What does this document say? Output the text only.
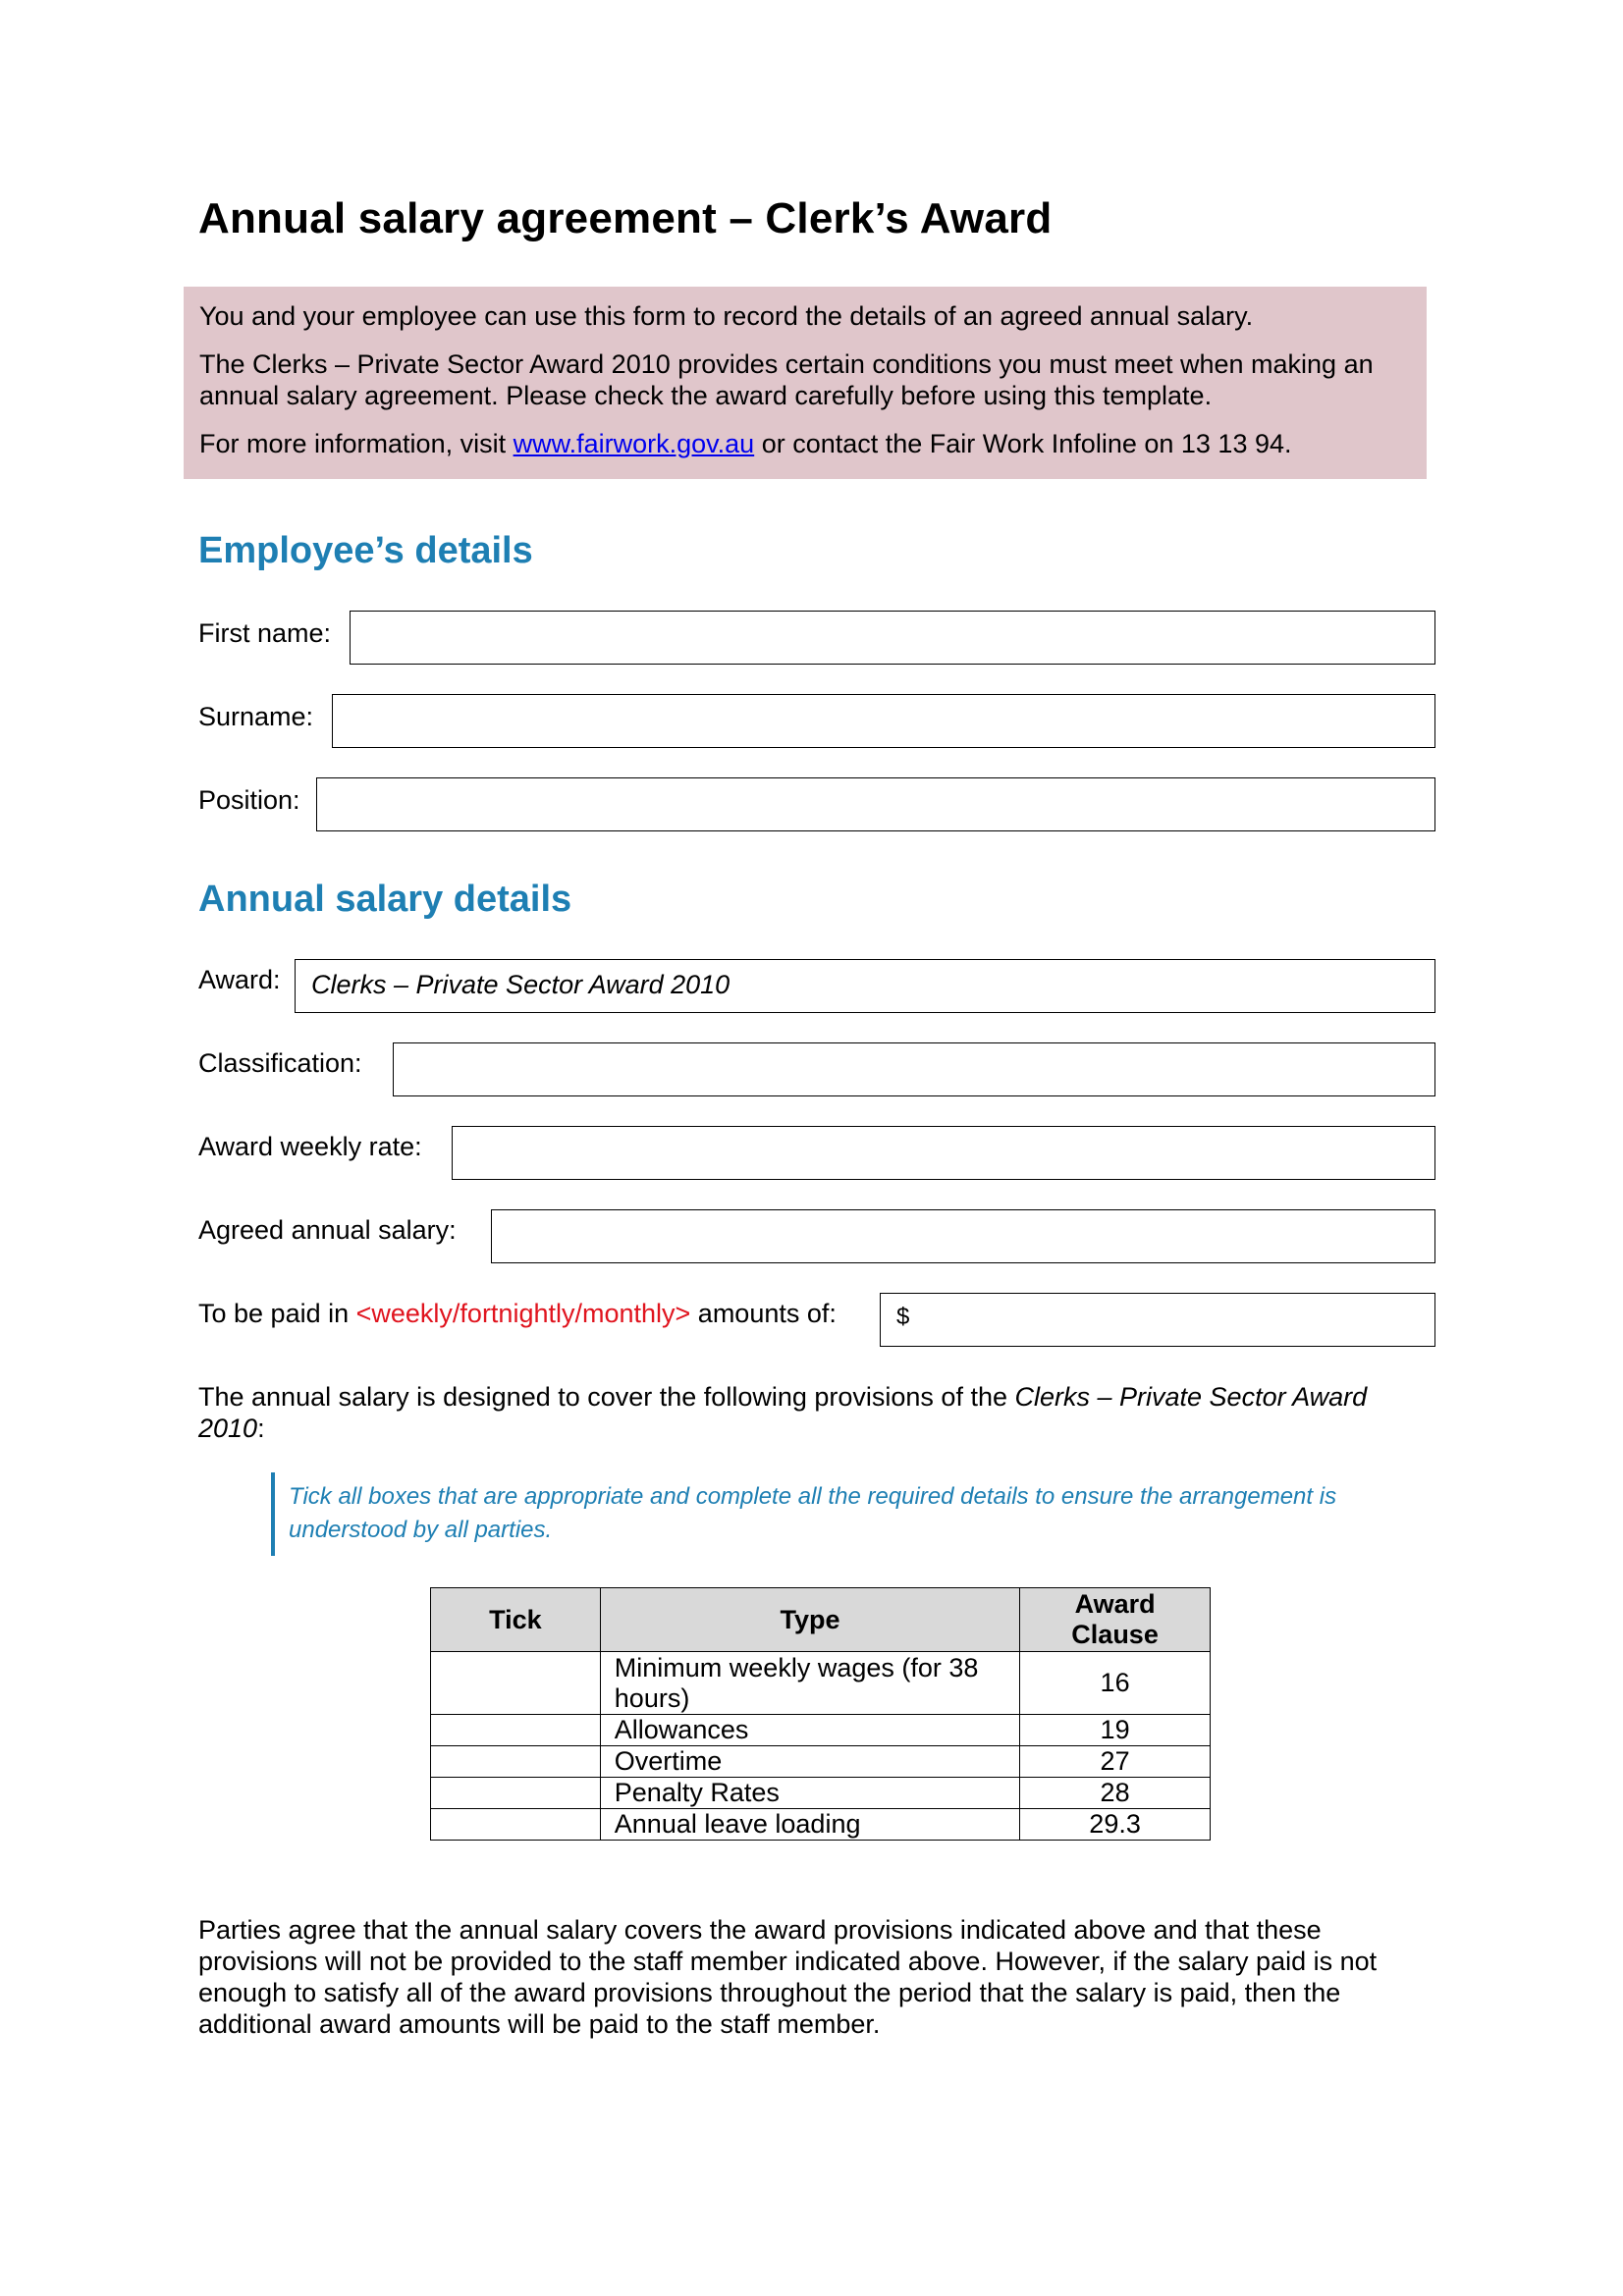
Annual salary agreement – Clerk’s Award

You and your employee can use this form to record the details of an agreed annual salary.

The Clerks – Private Sector Award 2010 provides certain conditions you must meet when making an annual salary agreement. Please check the award carefully before using this template.

For more information, visit www.fairwork.gov.au or contact the Fair Work Infoline on 13 13 94.

Employee’s details
First name:
Surname:
Position:
Annual salary details
Award:	Clerks – Private Sector Award 2010
Classification:
Award weekly rate:
Agreed annual salary:
To be paid in <weekly/fortnightly/monthly> amounts of:	$

The annual salary is designed to cover the following provisions of the Clerks – Private Sector Award 2010:

Tick all boxes that are appropriate and complete all the required details to ensure the arrangement is understood by all parties.
Tick	Type	Award Clause
	Minimum weekly wages (for 38 hours)	16
	Allowances	19
	Overtime	27
	Penalty Rates	28
	Annual leave loading	29.3

Parties agree that the annual salary covers the award provisions indicated above and that these provisions will not be provided to the staff member indicated above. However, if the salary paid is not enough to satisfy all of the award provisions throughout the period that the salary is paid, then the additional award amounts will be paid to the staff member.
